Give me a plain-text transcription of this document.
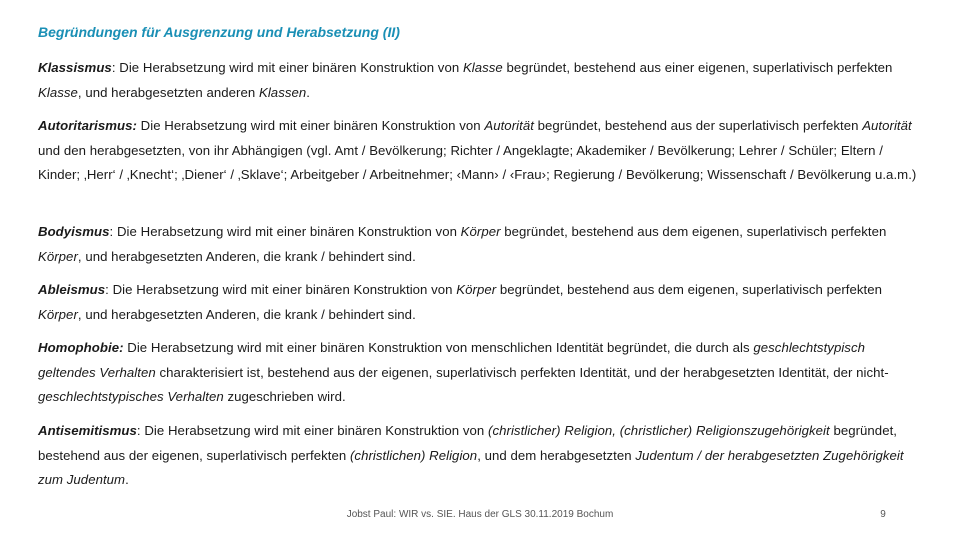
Begründungen für Ausgrenzung und Herabsetzung (II)
Klassismus: Die Herabsetzung wird mit einer binären Konstruktion von Klasse begründet, bestehend aus einer eigenen, superlativisch perfekten Klasse, und herabgesetzten anderen Klassen.
Autoritarismus: Die Herabsetzung wird mit einer binären Konstruktion von Autorität begründet, bestehend aus der superlativisch perfekten Autorität und den herabgesetzten, von ihr Abhängigen (vgl. Amt / Bevölkerung; Richter / Angeklagte; Akademiker / Bevölkerung; Lehrer / Schüler; Eltern / Kinder; ‚Herr‘ / ‚Knecht‘; ‚Diener‘ / ‚Sklave‘; Arbeitgeber / Arbeitnehmer; ‹Mann› / ‹Frau›; Regierung / Bevölkerung; Wissenschaft / Bevölkerung u.a.m.)
Bodyismus: Die Herabsetzung wird mit einer binären Konstruktion von Körper begründet, bestehend aus dem eigenen, superlativisch perfekten Körper, und herabgesetzten Anderen, die krank / behindert sind.
Ableismus: Die Herabsetzung wird mit einer binären Konstruktion von Körper begründet, bestehend aus dem eigenen, superlativisch perfekten Körper, und herabgesetzten Anderen, die krank / behindert sind.
Homophobie: Die Herabsetzung wird mit einer binären Konstruktion von menschlichen Identität begründet, die durch als geschlechtstypisch geltendes Verhalten charakterisiert ist, bestehend aus der eigenen, superlativisch perfekten Identität, und der herabgesetzten Identität, der nicht- geschlechtstypisches Verhalten zugeschrieben wird.
Antisemitismus: Die Herabsetzung wird mit einer binären Konstruktion von (christlicher) Religion, (christlicher) Religionszugehörigkeit begründet, bestehend aus der eigenen, superlativisch perfekten (christlichen) Religion, und dem herabgesetzten Judentum / der herabgesetzten Zugehörigkeit zum Judentum.
Jobst Paul: WIR vs. SIE. Haus der GLS 30.11.2019 Bochum	9
